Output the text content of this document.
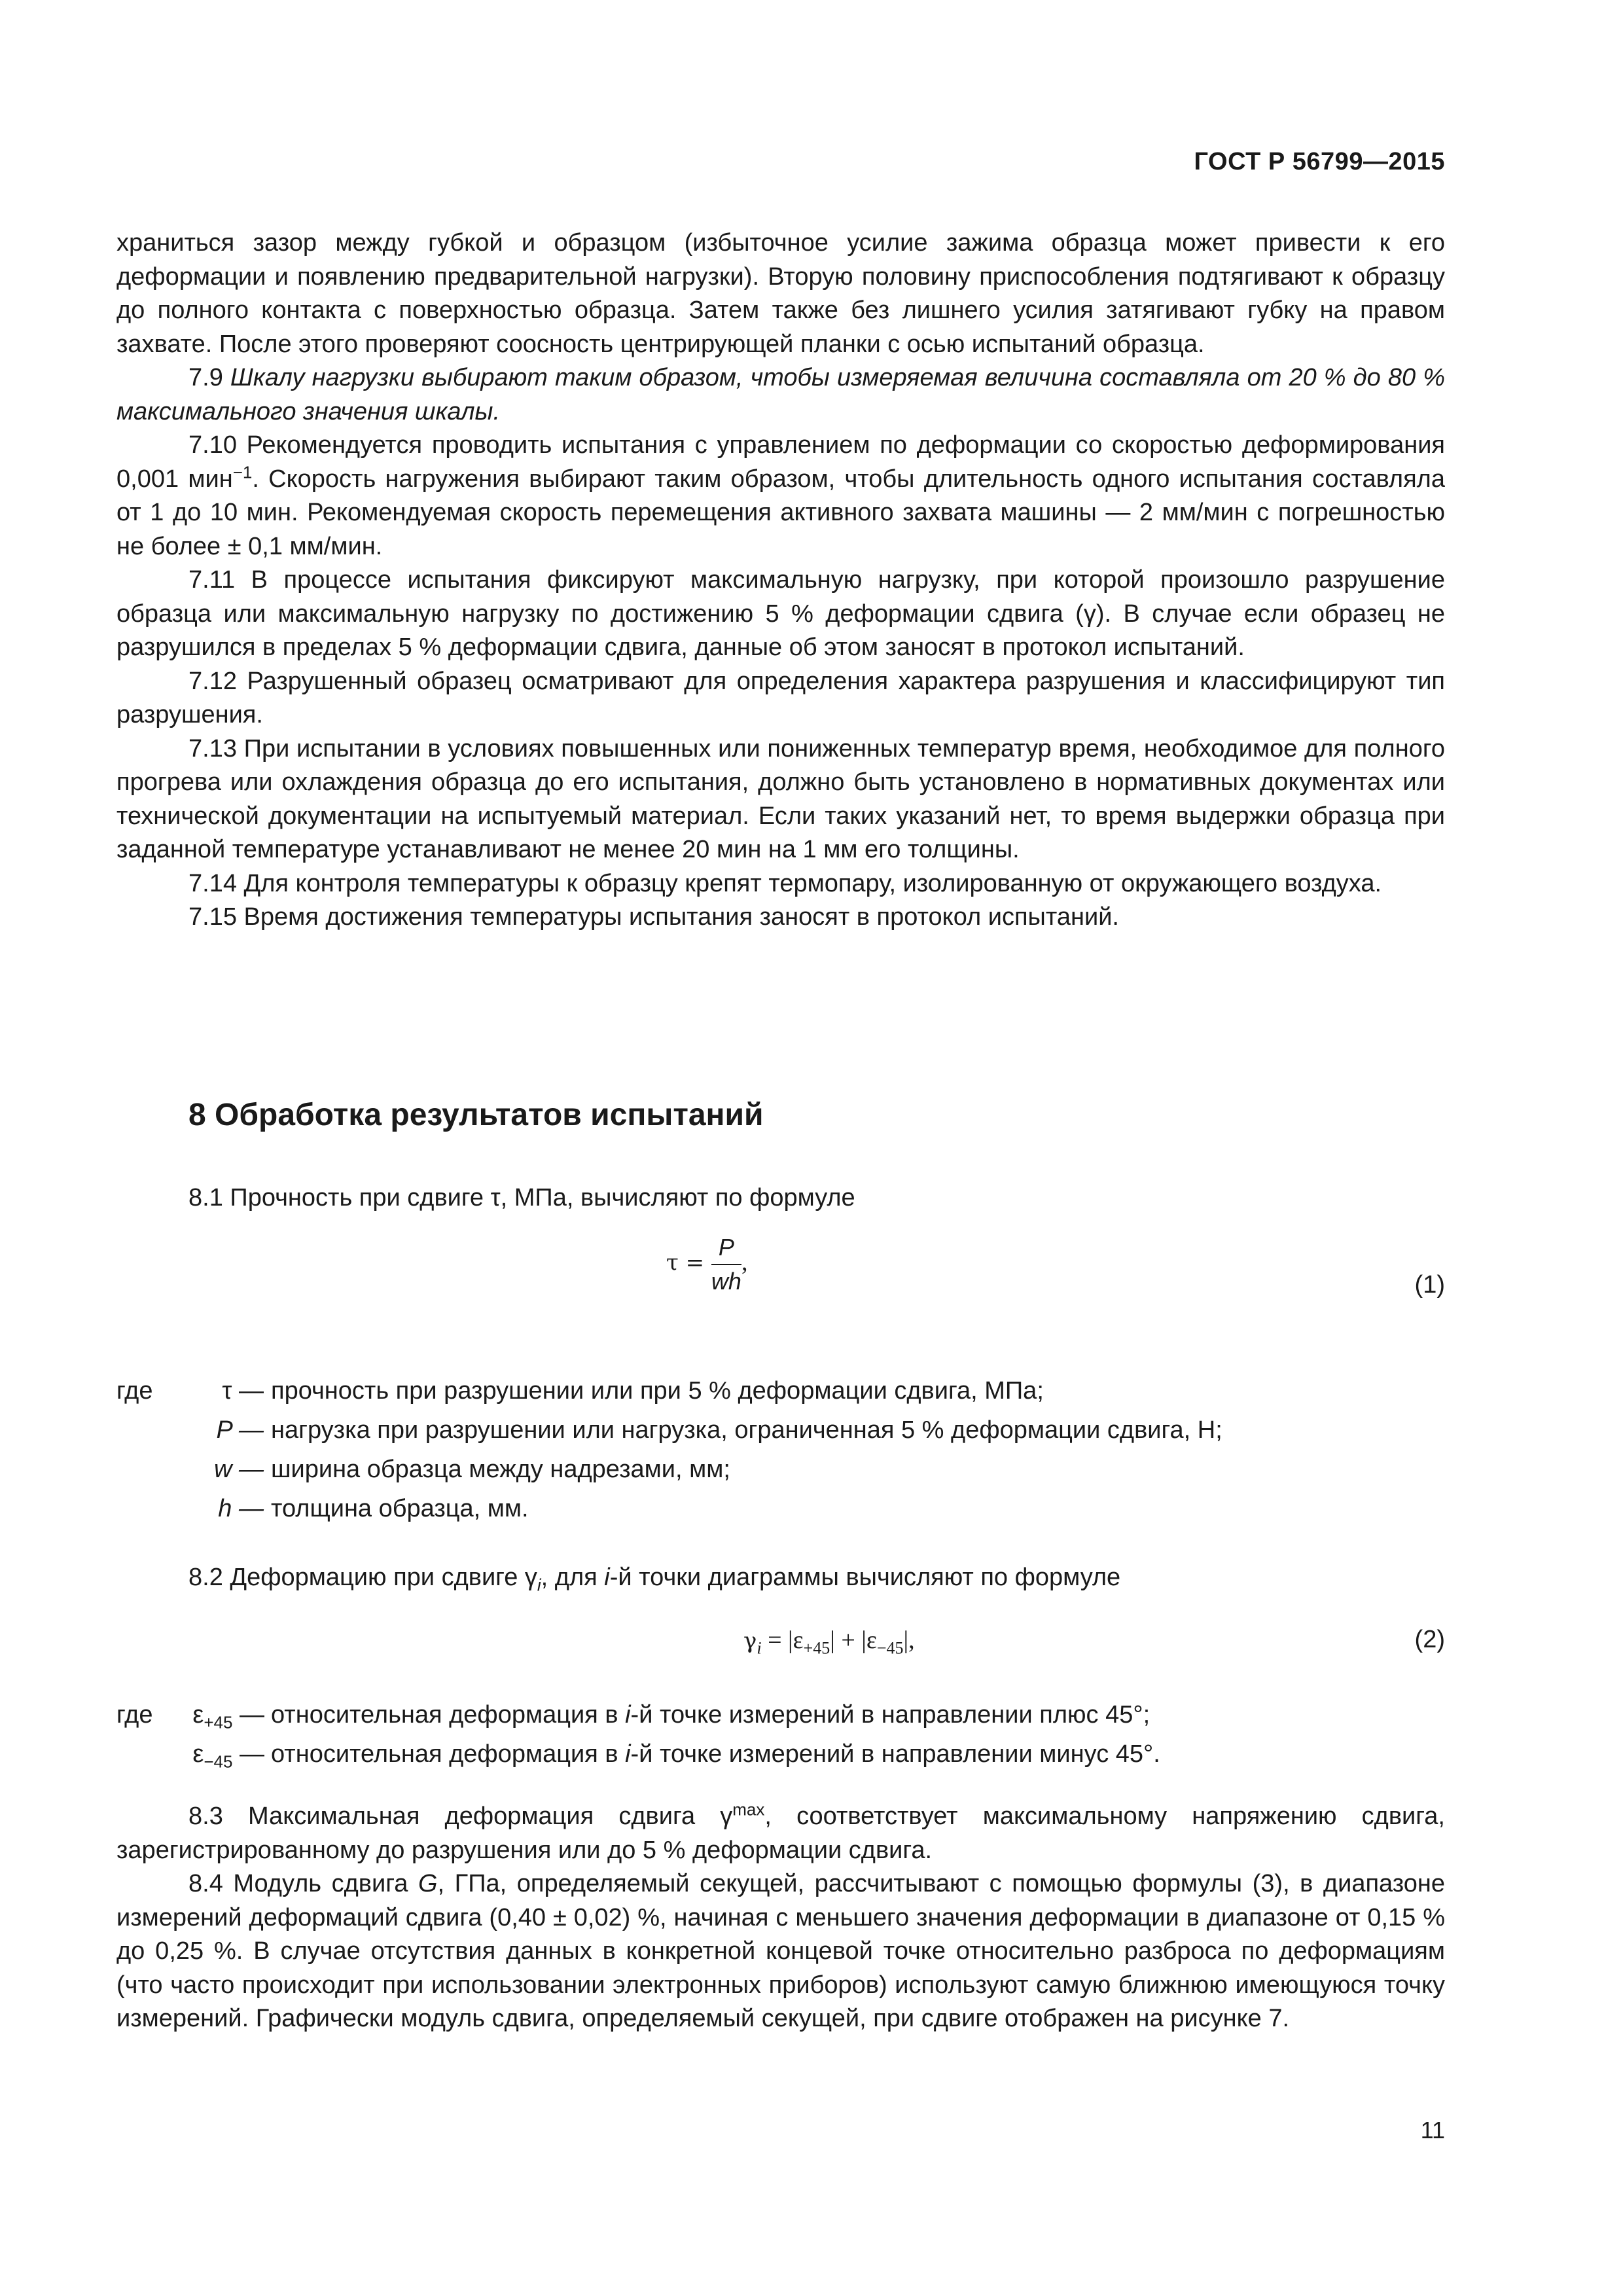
ГОСТ Р 56799—2015

храниться зазор между губкой и образцом (избыточное усилие зажима образца может привести к его деформации и появлению предварительной нагрузки). Вторую половину приспособления подтягивают к образцу до полного контакта с поверхностью образца. Затем также без лишнего усилия затягивают губку на правом захвате. После этого проверяют соосность центрирующей планки с осью испытаний образца.

7.9 Шкалу нагрузки выбирают таким образом, чтобы измеряемая величина составляла от 20 % до 80 % максимального значения шкалы.

7.10 Рекомендуется проводить испытания с управлением по деформации со скоростью деформирования 0,001 мин$^{-1}$. Скорость нагружения выбирают таким образом, чтобы длительность одного испытания составляла от 1 до 10 мин. Рекомендуемая скорость перемещения активного захвата машины — 2 мм/мин с погрешностью не более ± 0,1 мм/мин.

7.11 В процессе испытания фиксируют максимальную нагрузку, при которой произошло разрушение образца или максимальную нагрузку по достижению 5 % деформации сдвига (γ). В случае если образец не разрушился в пределах 5 % деформации сдвига, данные об этом заносят в протокол испытаний.

7.12 Разрушенный образец осматривают для определения характера разрушения и классифицируют тип разрушения.

7.13 При испытании в условиях повышенных или пониженных температур время, необходимое для полного прогрева или охлаждения образца до его испытания, должно быть установлено в нормативных документах или технической документации на испытуемый материал. Если таких указаний нет, то время выдержки образца при заданной температуре устанавливают не менее 20 мин на 1 мм его толщины.

7.14 Для контроля температуры к образцу крепят термопару, изолированную от окружающего воздуха.

7.15 Время достижения температуры испытания заносят в протокол испытаний.

8 Обработка результатов испытаний

8.1 Прочность при сдвиге τ, МПа, вычисляют по формуле

$\tau = \frac{P}{wh}$ ,
(1)
где	τ — прочность при разрушении или при 5 % деформации сдвига, МПа;
P — нагрузка при разрушении или нагрузка, ограниченная 5 % деформации сдвига, Н;
w — ширина образца между надрезами, мм;
h — толщина образца, мм.

8.2 Деформацию при сдвиге $\gamma_i$, для i-й точки диаграммы вычисляют по формуле

$\gamma_i = |\varepsilon_{+45}| + |\varepsilon_{-45}|$,	(2)
где	$\varepsilon_{+45}$ — относительная деформация в i-й точке измерений в направлении плюс 45°;
$\varepsilon_{-45}$ — относительная деформация в i-й точке измерений в направлении минус 45°.

8.3 Максимальная деформация сдвига $\gamma^{max}$, соответствует максимальному напряжению сдвига, зарегистрированному до разрушения или до 5 % деформации сдвига.

8.4 Модуль сдвига G, ГПа, определяемый секущей, рассчитывают с помощью формулы (3), в диапазоне измерений деформаций сдвига (0,40 ± 0,02) %, начиная с меньшего значения деформации в диапазоне от 0,15 % до 0,25 %. В случае отсутствия данных в конкретной концевой точке относительно разброса по деформациям (что часто происходит при использовании электронных приборов) используют самую ближнюю имеющуюся точку измерений. Графически модуль сдвига, определяемый секущей, при сдвиге отображен на рисунке 7.

11
